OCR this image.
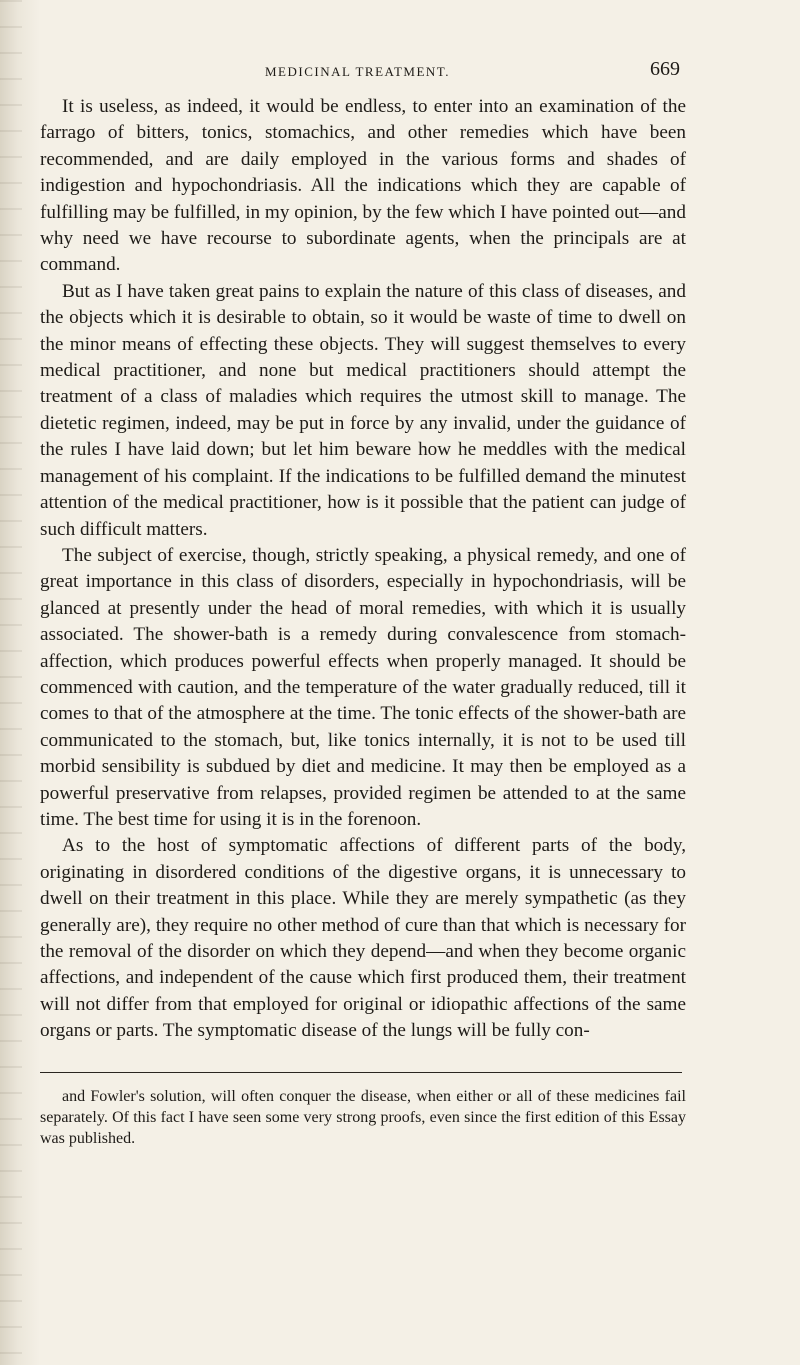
MEDICINAL TREATMENT.	669

It is useless, as indeed, it would be endless, to enter into an examination of the farrago of bitters, tonics, stomachics, and other remedies which have been recommended, and are daily employed in the various forms and shades of indigestion and hypochondriasis. All the indications which they are capable of fulfilling may be fulfilled, in my opinion, by the few which I have pointed out—and why need we have recourse to subordinate agents, when the principals are at command.

But as I have taken great pains to explain the nature of this class of diseases, and the objects which it is desirable to obtain, so it would be waste of time to dwell on the minor means of effecting these objects. They will suggest themselves to every medical practitioner, and none but medical practitioners should attempt the treatment of a class of maladies which requires the utmost skill to manage. The dietetic regimen, indeed, may be put in force by any invalid, under the guidance of the rules I have laid down; but let him beware how he meddles with the medical management of his complaint. If the indications to be fulfilled demand the minutest attention of the medical practitioner, how is it possible that the patient can judge of such difficult matters.

The subject of exercise, though, strictly speaking, a physical remedy, and one of great importance in this class of disorders, especially in hypochondriasis, will be glanced at presently under the head of moral remedies, with which it is usually associated. The shower-bath is a remedy during convalescence from stomach-affection, which produces powerful effects when properly managed. It should be commenced with caution, and the temperature of the water gradually reduced, till it comes to that of the atmosphere at the time. The tonic effects of the shower-bath are communicated to the stomach, but, like tonics internally, it is not to be used till morbid sensibility is subdued by diet and medicine. It may then be employed as a powerful preservative from relapses, provided regimen be attended to at the same time. The best time for using it is in the forenoon.

As to the host of symptomatic affections of different parts of the body, originating in disordered conditions of the digestive organs, it is unnecessary to dwell on their treatment in this place. While they are merely sympathetic (as they generally are), they require no other method of cure than that which is necessary for the removal of the disorder on which they depend—and when they become organic affections, and independent of the cause which first produced them, their treatment will not differ from that employed for original or idiopathic affections of the same organs or parts. The symptomatic disease of the lungs will be fully con-

and Fowler's solution, will often conquer the disease, when either or all of these medicines fail separately. Of this fact I have seen some very strong proofs, even since the first edition of this Essay was published.
